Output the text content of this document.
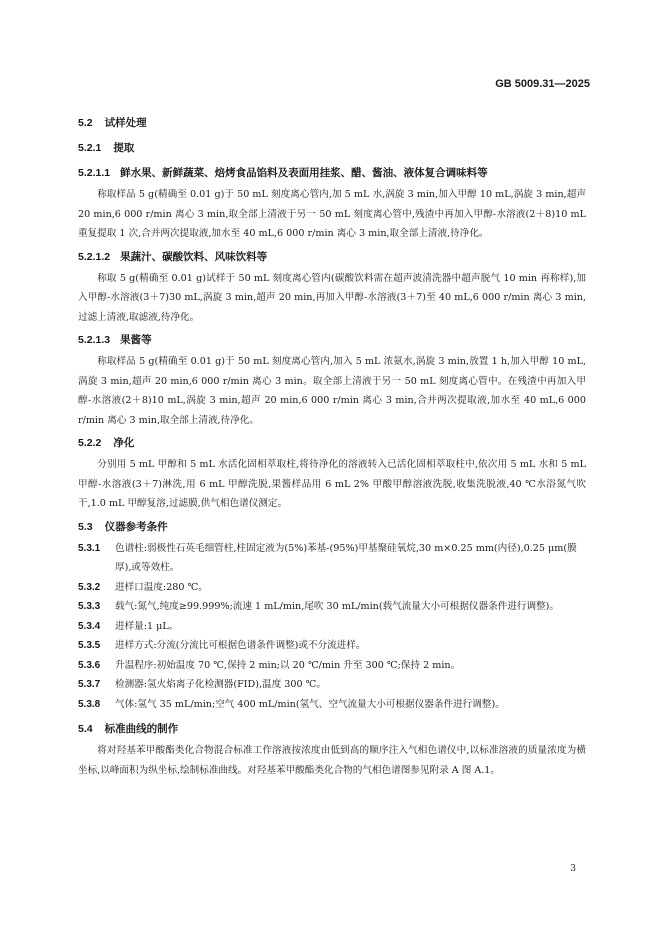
GB 5009.31—2025

5.2 试样处理

5.2.1 提取

5.2.1.1 鲜水果、新鲜蔬菜、焙烤食品馅料及表面用挂浆、醋、酱油、液体复合调味料等

称取样品 5 g(精确至 0.01 g)于 50 mL 刻度离心管内,加 5 mL 水,涡旋 3 min,加入甲醇 10 mL,涡旋 3 min,超声 20 min,6 000 r/min 离心 3 min,取全部上清液于另一 50 mL 刻度离心管中,残渣中再加入甲醇-水溶液(2＋8)10 mL 重复提取 1 次,合并两次提取液,加水至 40 mL,6 000 r/min 离心 3 min,取全部上清液,待净化。

5.2.1.2 果蔬汁、碳酸饮料、风味饮料等

称取 5 g(精确至 0.01 g)试样于 50 mL 刻度离心管内(碳酸饮料需在超声波清洗器中超声脱气 10 min 再称样),加入甲醇-水溶液(3＋7)30 mL,涡旋 3 min,超声 20 min,再加入甲醇-水溶液(3＋7)至 40 mL,6 000 r/min 离心 3 min,过滤上清液,取滤液,待净化。

5.2.1.3 果酱等

称取样品 5 g(精确至 0.01 g)于 50 mL 刻度离心管内,加入 5 mL 浓氨水,涡旋 3 min,放置 1 h,加入甲醇 10 mL,涡旋 3 min,超声 20 min,6 000 r/min 离心 3 min。取全部上清液于另一 50 mL 刻度离心管中。在残渣中再加入甲醇-水溶液(2＋8)10 mL,涡旋 3 min,超声 20 min,6 000 r/min 离心 3 min,合并两次提取液,加水至 40 mL,6 000 r/min 离心 3 min,取全部上清液,待净化。

5.2.2 净化

分别用 5 mL 甲醇和 5 mL 水活化固相萃取柱,将待净化的溶液转入已活化固相萃取柱中,依次用 5 mL 水和 5 mL 甲醇-水溶液(3＋7)淋洗,用 6 mL 甲醇洗脱,果酱样品用 6 mL 2% 甲酸甲醇溶液洗脱,收集洗脱液,40 ℃水浴氮气吹干,1.0 mL 甲醇复溶,过滤膜,供气相色谱仪测定。

5.3 仪器参考条件

5.3.1 色谱柱:弱极性石英毛细管柱,柱固定液为(5%)苯基-(95%)甲基聚硅氧烷,30 m×0.25 mm(内径),0.25 μm(膜厚),或等效柱。

5.3.2 进样口温度:280 ℃。

5.3.3 载气:氮气,纯度≥99.999%;流速 1 mL/min,尾吹 30 mL/min(载气流量大小可根据仪器条件进行调整)。

5.3.4 进样量:1 μL。

5.3.5 进样方式:分流(分流比可根据色谱条件调整)或不分流进样。

5.3.6 升温程序:初始温度 70 ℃,保持 2 min;以 20 ℃/min 升至 300 ℃;保持 2 min。

5.3.7 检测器:氢火焰离子化检测器(FID),温度 300 ℃。

5.3.8 气体:氢气 35 mL/min;空气 400 mL/min(氢气、空气流量大小可根据仪器条件进行调整)。

5.4 标准曲线的制作

将对羟基苯甲酸酯类化合物混合标准工作溶液按浓度由低到高的顺序注入气相色谱仪中,以标准溶液的质量浓度为横坐标,以峰面积为纵坐标,绘制标准曲线。对羟基苯甲酸酯类化合物的气相色谱图参见附录 A 图 A.1。

3
